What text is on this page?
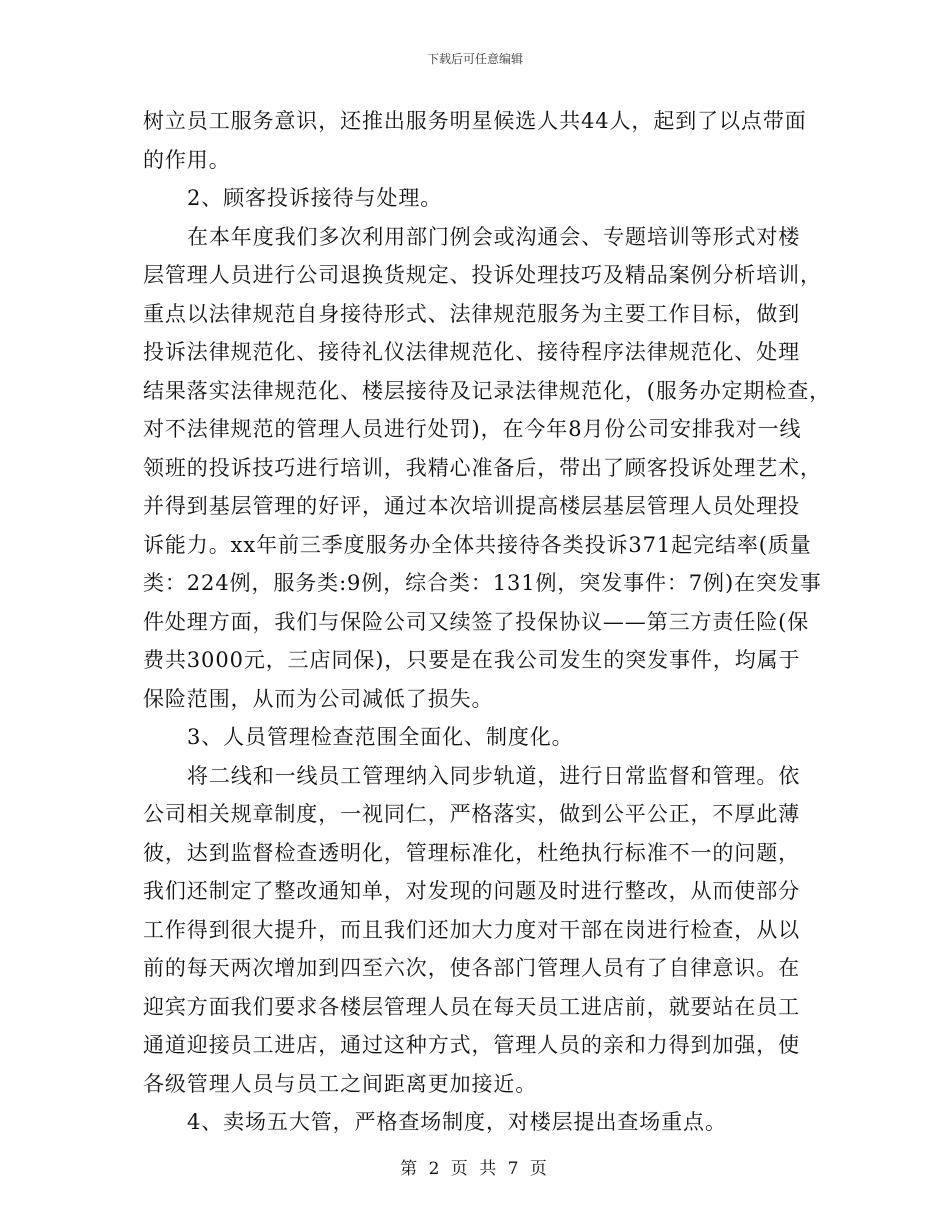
下载后可任意编辑
树立员工服务意识，还推出服务明星候选人共44人，起到了以点带面
的作用。
2、顾客投诉接待与处理。
在本年度我们多次利用部门例会或沟通会、专题培训等形式对楼
层管理人员进行公司退换货规定、投诉处理技巧及精品案例分析培训，
重点以法律规范自身接待形式、法律规范服务为主要工作目标，做到
投诉法律规范化、接待礼仪法律规范化、接待程序法律规范化、处理
结果落实法律规范化、楼层接待及记录法律规范化，(服务办定期检查，
对不法律规范的管理人员进行处罚)，在今年8月份公司安排我对一线
领班的投诉技巧进行培训，我精心准备后，带出了顾客投诉处理艺术，
并得到基层管理的好评，通过本次培训提高楼层基层管理人员处理投
诉能力。xx年前三季度服务办全体共接待各类投诉371起完结率(质量
类：224例，服务类:9例，综合类：131例，突发事件：7例)在突发事
件处理方面，我们与保险公司又续签了投保协议——第三方责任险(保
费共3000元，三店同保)，只要是在我公司发生的突发事件，均属于
保险范围，从而为公司减低了损失。
3、人员管理检查范围全面化、制度化。
将二线和一线员工管理纳入同步轨道，进行日常监督和管理。依
公司相关规章制度，一视同仁，严格落实，做到公平公正，不厚此薄
彼，达到监督检查透明化，管理标准化，杜绝执行标准不一的问题，
我们还制定了整改通知单，对发现的问题及时进行整改，从而使部分
工作得到很大提升，而且我们还加大力度对干部在岗进行检查，从以
前的每天两次增加到四至六次，使各部门管理人员有了自律意识。在
迎宾方面我们要求各楼层管理人员在每天员工进店前，就要站在员工
通道迎接员工进店，通过这种方式，管理人员的亲和力得到加强，使
各级管理人员与员工之间距离更加接近。
4、卖场五大管，严格查场制度，对楼层提出查场重点。
第 2 页 共 7 页
